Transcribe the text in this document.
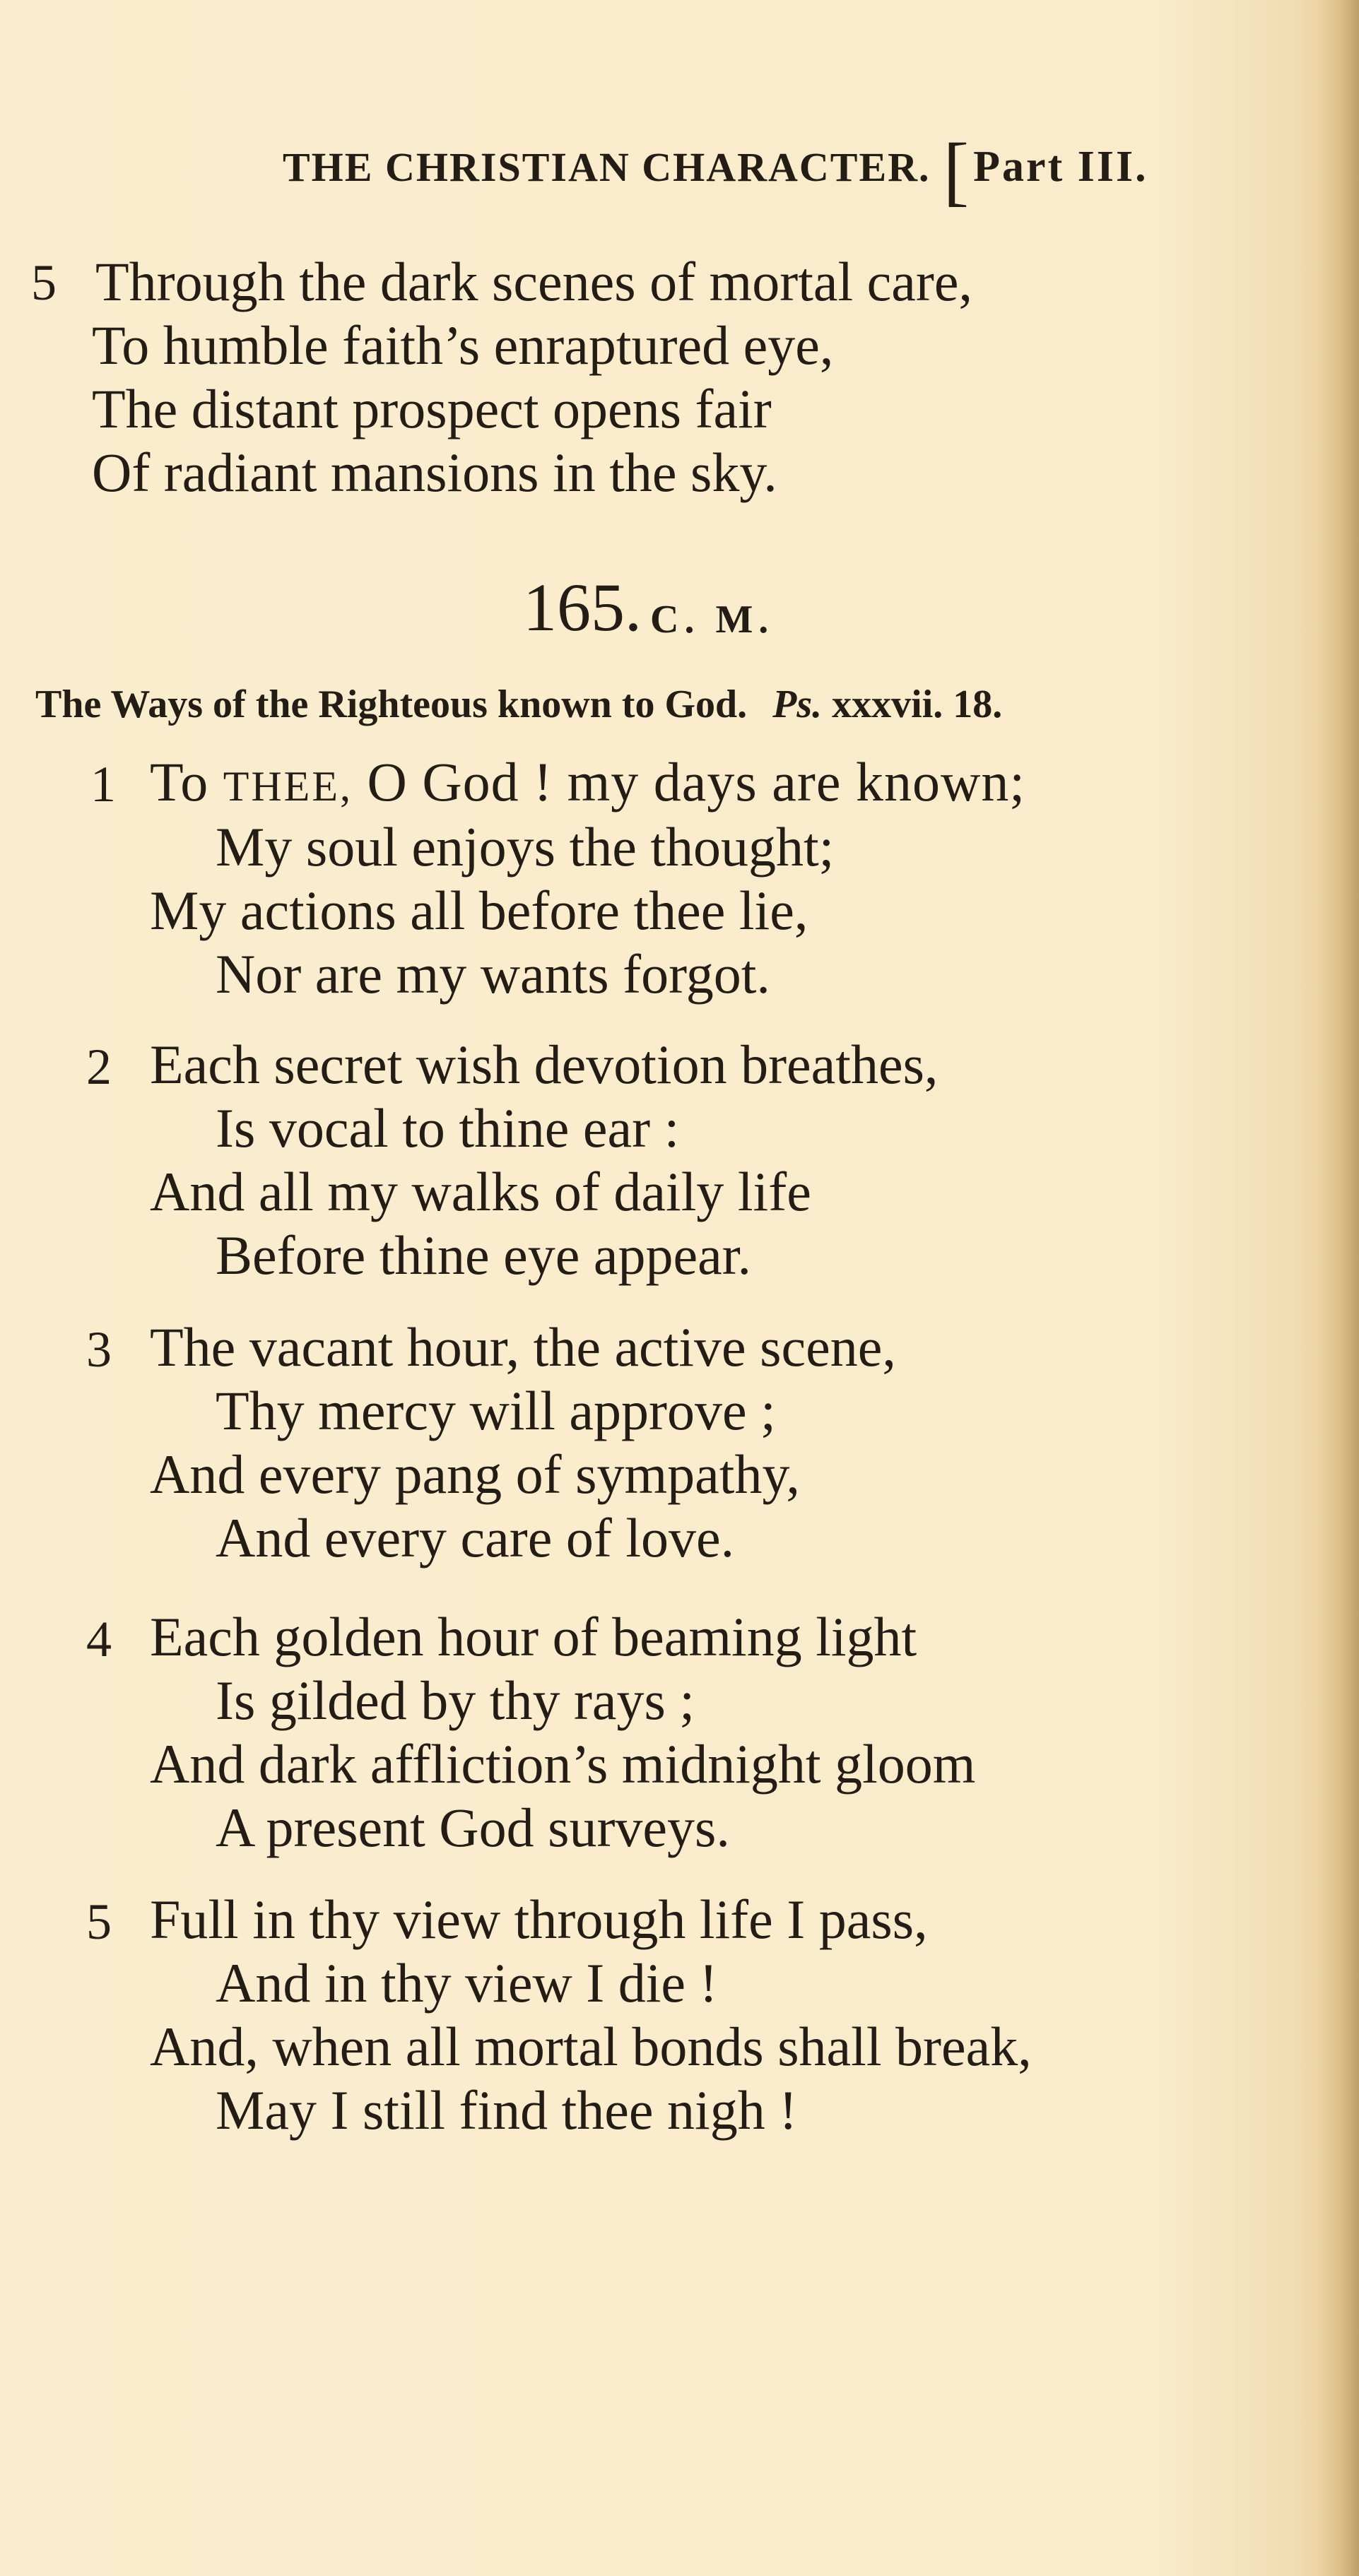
THE CHRISTIAN CHARACTER. [Part III.
5 Through the dark scenes of mortal care,
To humble faith’s enraptured eye,
The distant prospect opens fair
Of radiant mansions in the sky.
165. C. M.
The Ways of the Righteous known to God. Ps. xxxvii. 18.
1 To THEE, O God ! my days are known;
My soul enjoys the thought;
My actions all before thee lie,
Nor are my wants forgot.
2 Each secret wish devotion breathes,
Is vocal to thine ear :
And all my walks of daily life
Before thine eye appear.
3 The vacant hour, the active scene,
Thy mercy will approve ;
And every pang of sympathy,
And every care of love.
4 Each golden hour of beaming light
Is gilded by thy rays ;
And dark affliction’s midnight gloom
A present God surveys.
5 Full in thy view through life I pass,
And in thy view I die !
And, when all mortal bonds shall break,
May I still find thee nigh !
